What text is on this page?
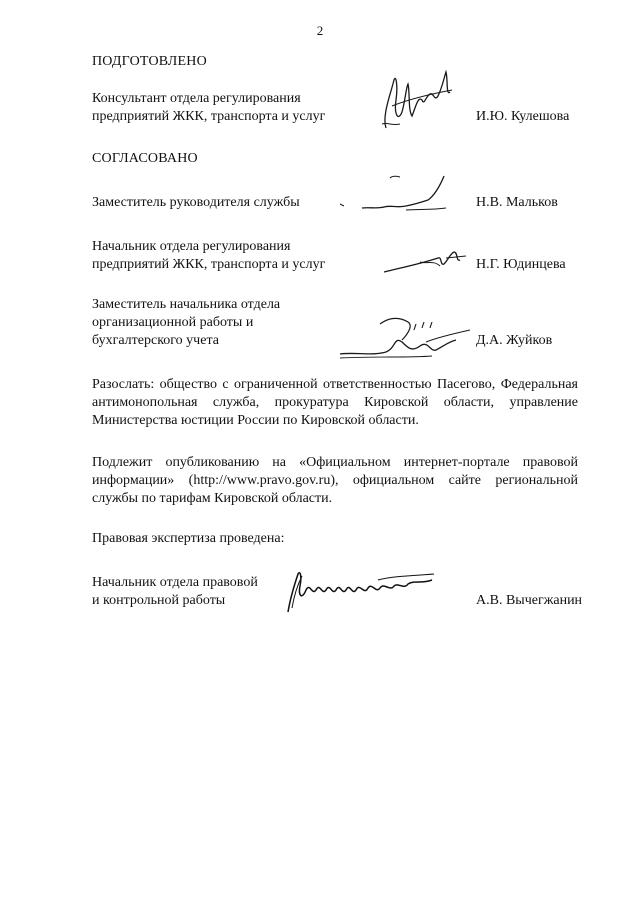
2
ПОДГОТОВЛЕНО
Консультант отдела регулирования
предприятий ЖКК, транспорта и услуг	И.Ю. Кулешова
СОГЛАСОВАНО
Заместитель руководителя службы	Н.В. Мальков
Начальник отдела регулирования
предприятий ЖКК, транспорта и услуг	Н.Г. Юдинцева
Заместитель начальника отдела
организационной работы и
бухгалтерского учета	Д.А. Жуйков
Разослать: общество с ограниченной ответственностью Пасегово, Федеральная антимонопольная служба, прокуратура Кировской области, управление Министерства юстиции России по Кировской области.
Подлежит опубликованию на «Официальном интернет-портале правовой информации» (http://www.pravo.gov.ru), официальном сайте региональной службы по тарифам Кировской области.
Правовая экспертиза проведена:
Начальник отдела правовой
и контрольной работы	А.В. Вычегжанин
